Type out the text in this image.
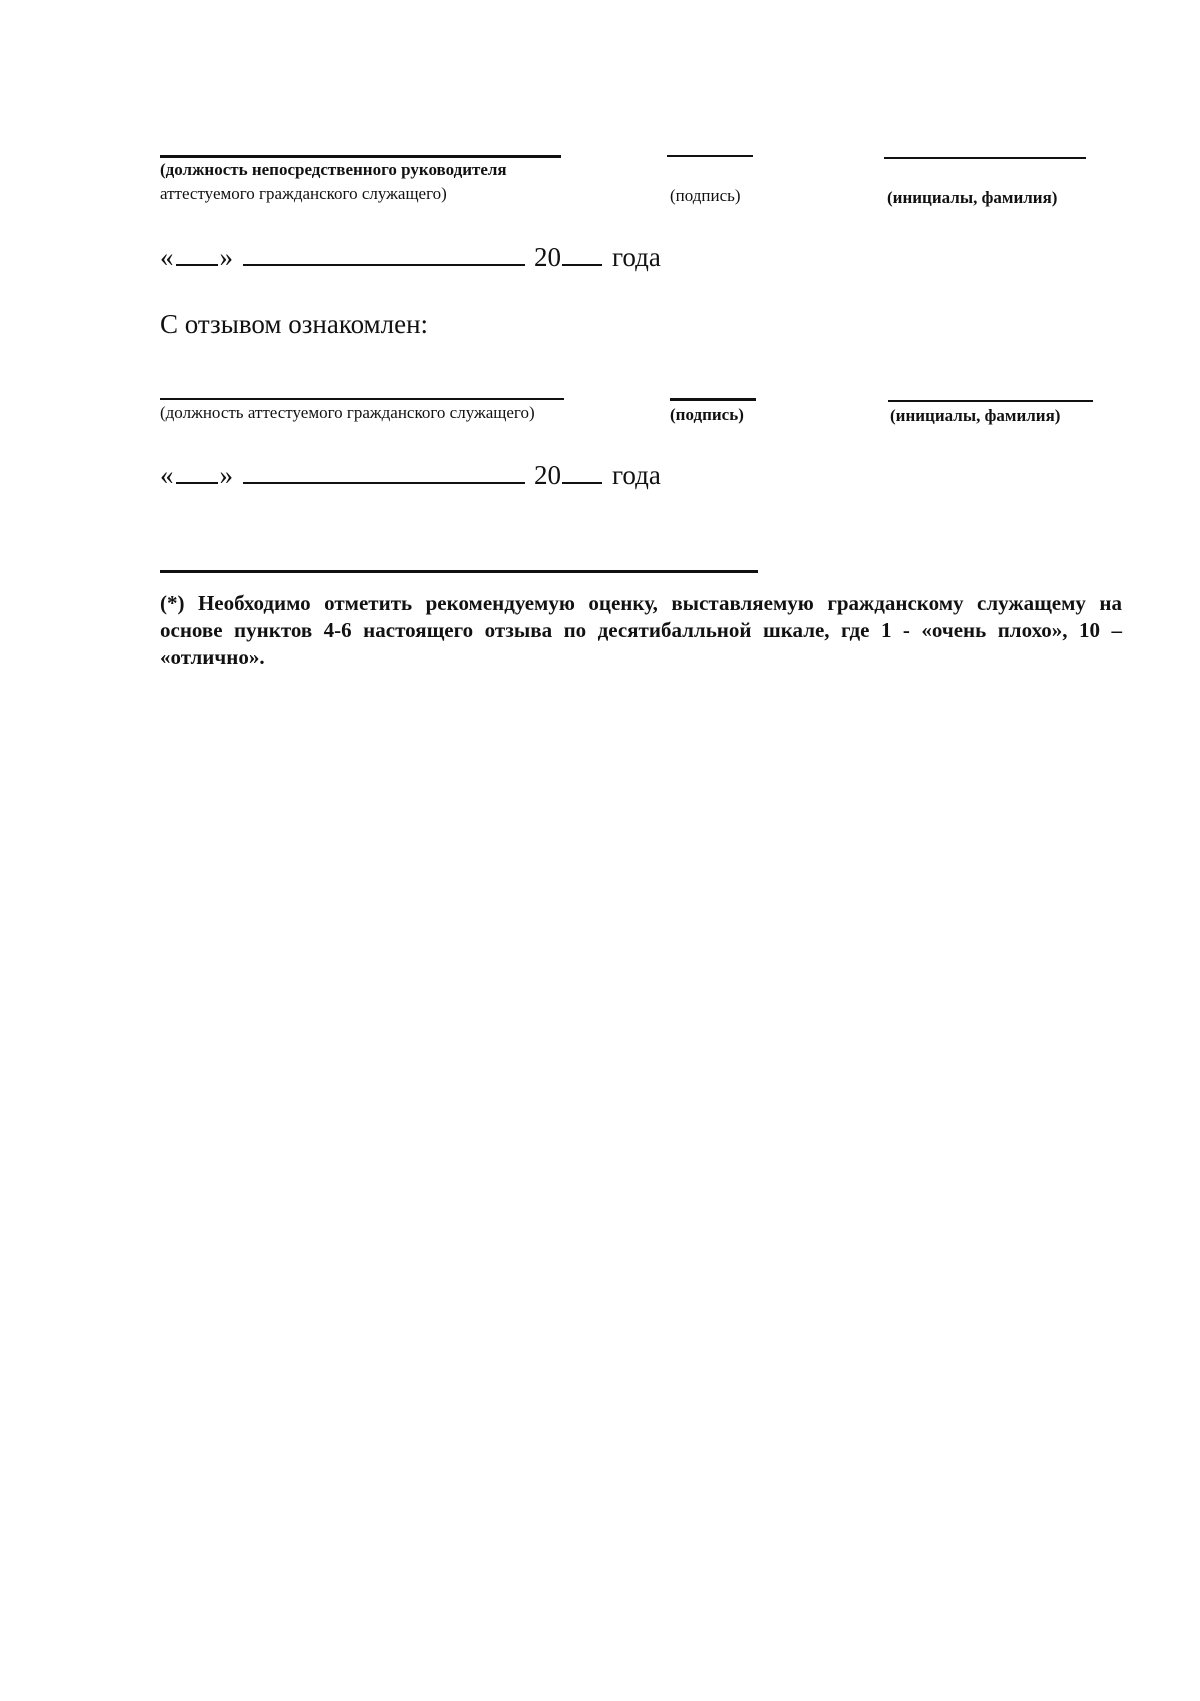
(должность непосредственного руководителя
аттестуемого гражданского служащего)	(подпись)	(инициалы, фамилия)
« »	20 года
С отзывом ознакомлен:
(должность аттестуемого гражданского служащего)	(подпись)	(инициалы, фамилия)
« »	20 года
(*) Необходимо отметить рекомендуемую оценку, выставляемую гражданскому служащему на основе пунктов 4-6 настоящего отзыва по десятибалльной шкале, где 1 - «очень плохо», 10 – «отлично».
